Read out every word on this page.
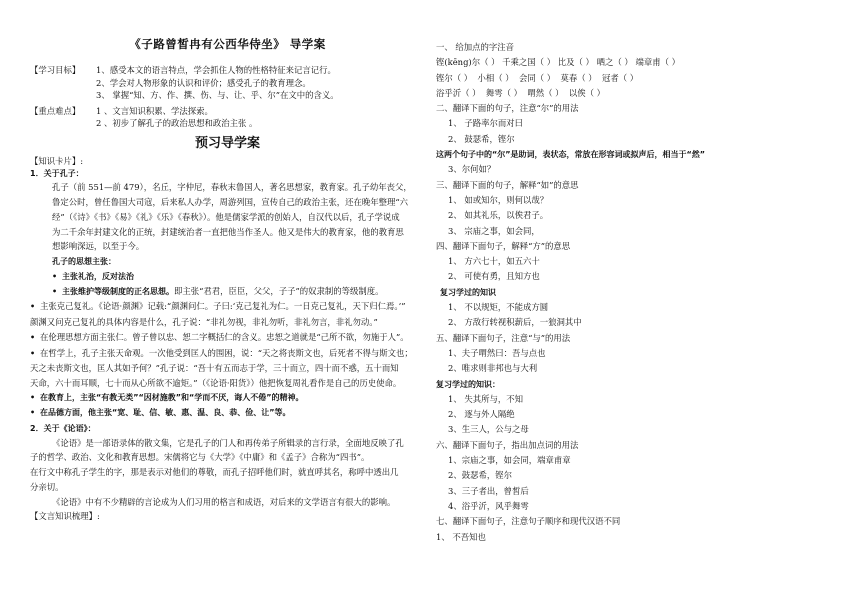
《子路曾皙冉有公西华侍坐》 导学案
【学习目标】 1、感受本文的语言特点，学会抓住人物的性格特征来记言记行。
2、学会对人物形象的认识和评价；感受孔子的教育理念。
3、 掌握“知、方、作、撰、伤、与、让、乎、尔”在文中的含义。
【重点难点】 1 、文言知识积累、学法探索。
2 、初步了解孔子的政治思想和政治主张 。
预习导学案
【知识卡片】:
1．关于孔子：
孔子（前 551—前 479），名丘，字仲尼，春秋末鲁国人，著名思想家，教育家。孔子幼年丧父，
鲁定公时，曾任鲁国大司寇，后来私人办学，周游列国，宣传自己的政治主张，还在晚年整理“六
经”（《诗》《书》《易》《礼》《乐》《春秋》）。他是儒家学派的创始人，自汉代以后，孔子学说成
为二千余年封建文化的正统，封建统治者一直把他当作圣人。他又是伟大的教育家，他的教育思
想影响深远，以至于今。
孔子的思想主张：
• 主张礼治，反对法治
• 主张维护等级制度的正名思想。即主张“君君，臣臣，父父，子子”的奴隶制的等级制度。
• 主张克己复礼。《论语·颜渊》记载:“颜渊问仁。子曰:‘克己复礼为仁。一日克己复礼，天下归仁焉。’”
颜渊又问克己复礼的具体内容是什么，孔子说：“非礼勿视，非礼勿听，非礼勿言，非礼勿动。”
• 在伦理思想方面主张仁。曾子曾以忠、恕二字概括仁的含义。忠恕之道就是“己所不欲，勿施于人”。
• 在哲学上，孔子主张天命观。一次他受到匡人的围困，说：“天之将丧斯文也，后死者不得与斯文也；
天之未丧斯文也，匡人其如予何？”孔子说：“吾十有五而志于学，三十而立，四十而不惑，五十而知
天命，六十而耳顺，七十而从心所欲不逾矩。”（《论语·阳货》）他把恢复周礼看作是自己的历史使命。
• 在教育上，主张“有教无类”“因材施教”和“学而不厌，诲人不倦”的精神。
• 在品德方面，他主张“宽、耻、信、敏、惠、温、良、恭、俭、让”等。
2．关于《论语》：
《论语》是一部语录体的散文集，它是孔子的门人和再传弟子所辑录的言行录，全面地反映了孔
子的哲学、政治、文化和教育思想。宋儒将它与《大学》《中庸》和《孟子》合称为“四书”。
在行文中称孔子学生的字，那是表示对他们的尊敬，而孔子招呼他们时，就直呼其名，称呼中透出几
分亲切。
《论语》中有不少精辟的言论成为人们习用的格言和成语，对后来的文学语言有很大的影响。
【文言知识梳理】:
一、 给加点的字注音
铿(kēng)尔（ ） 千乘之国（ ） 比及（ ） 哂之（ ） 端章甫（ ）
铿尔（ ） 小相（ ） 会同（ ） 莫春（ ） 冠者（ ）
浴乎沂（ ） 舞雩（ ） 喟然（ ） 以俟（ ）
二、翻译下面的句子，注意“尔”的用法
1、 子路率尔而对曰
2、 鼓瑟希，铿尔
这两个句子中的“尔”是助词，表状态，常放在形容词或拟声后，相当于“然”
3、尔何如？
三、翻译下面的句子，解释“如”的意思
1、 如或知尔，则何以哉？
2、 如其礼乐，以俟君子。
3、 宗庙之事，如会同，
四、翻译下面句子，解释“方”的意思
1、 方六七十，如五六十
2、 可使有勇，且知方也
复习学过的知识
1、 不以规矩，不能成方圆
2、 方敌行转视积薪后，一狼洞其中
五、翻译下面句子，注意“与”的用法
1、夫子喟然曰：吾与点也
2、唯求则非邦也与大利
复习学过的知识：
1、 失其所与，不知
2、 逐与外人隔绝
3、生三人，公与之母
六、翻译下面句子，指出加点词的用法
1、宗庙之事，如会同，端章甫章
2、鼓瑟希，铿尔
3、三子者出，曾皙后
4、浴乎沂，风乎舞雩
七、翻译下面句子，注意句子顺序和现代汉语不同
1、 不吾知也
